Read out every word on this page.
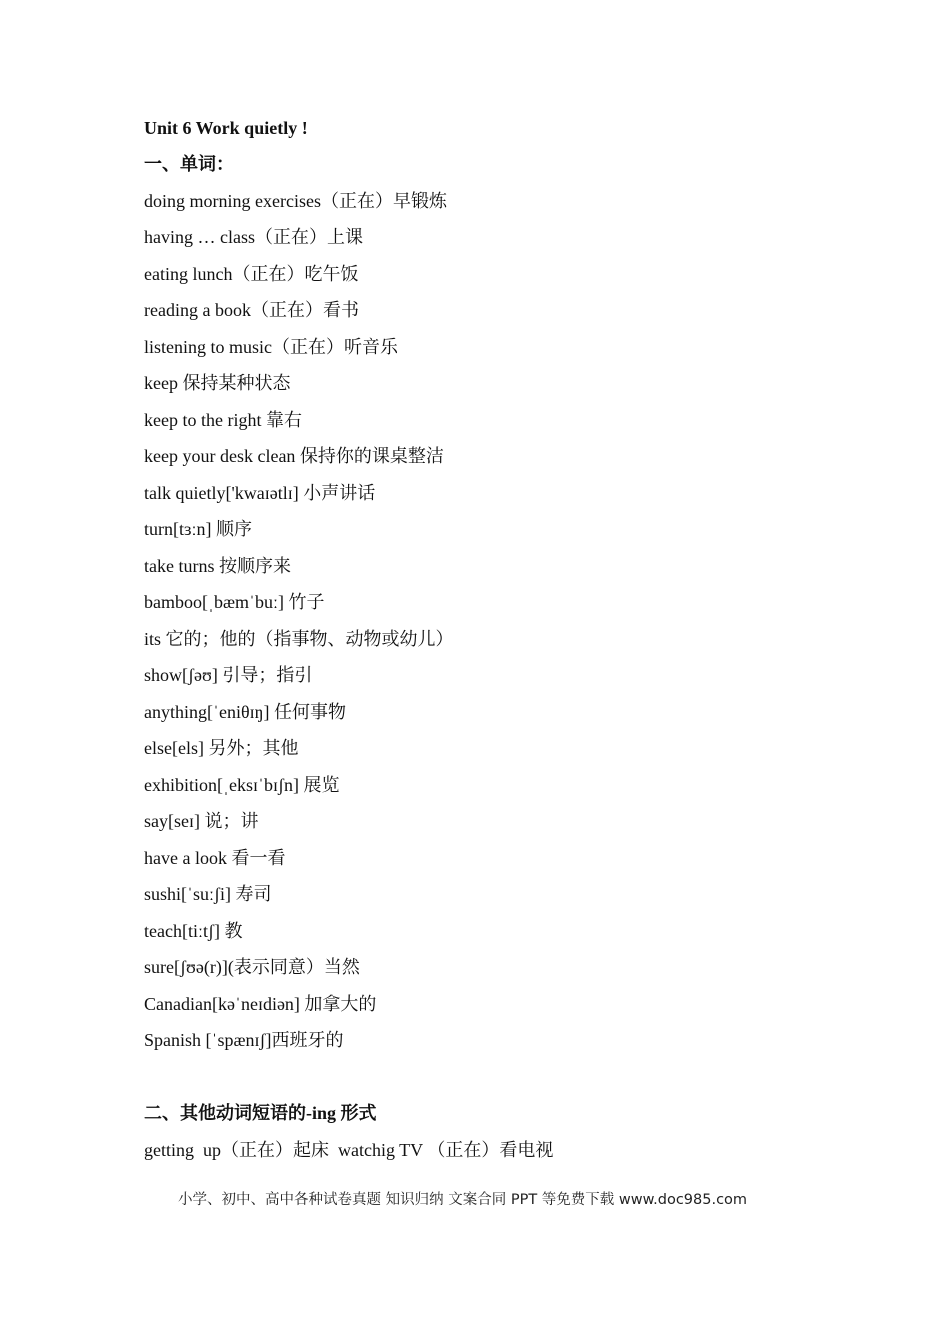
Unit 6 Work quietly !
一、单词：
doing morning exercises（正在）早锻炼
having … class（正在）上课
eating lunch（正在）吃午饭
reading a book（正在）看书
listening to music（正在）听音乐
keep 保持某种状态
keep to the right 靠右
keep your desk clean 保持你的课桌整洁
talk quietly['kwaɪətlɪ] 小声讲话
turn[tɜːn] 顺序
take turns 按顺序来
bamboo[ˌbæmˈbuː] 竹子
its 它的；他的（指事物、动物或幼儿）
show[ʃəʊ] 引导；指引
anything[ˈeniθɪŋ] 任何事物
else[els] 另外；其他
exhibition[ˌeksɪˈbɪʃn] 展览
say[seɪ] 说；讲
have a look 看一看
sushi[ˈsuːʃi] 寿司
teach[tiːtʃ] 教
sure[ʃʊə(r)](表示同意）当然
Canadian[kəˈneɪdiən] 加拿大的
Spanish [ˈspænɪʃ]西班牙的
二、其他动词短语的-ing 形式
getting  up（正在）起床  watchig TV （正在）看电视
小学、初中、高中各种试卷真题 知识归纳 文案合同 PPT 等免费下载 www.doc985.com
